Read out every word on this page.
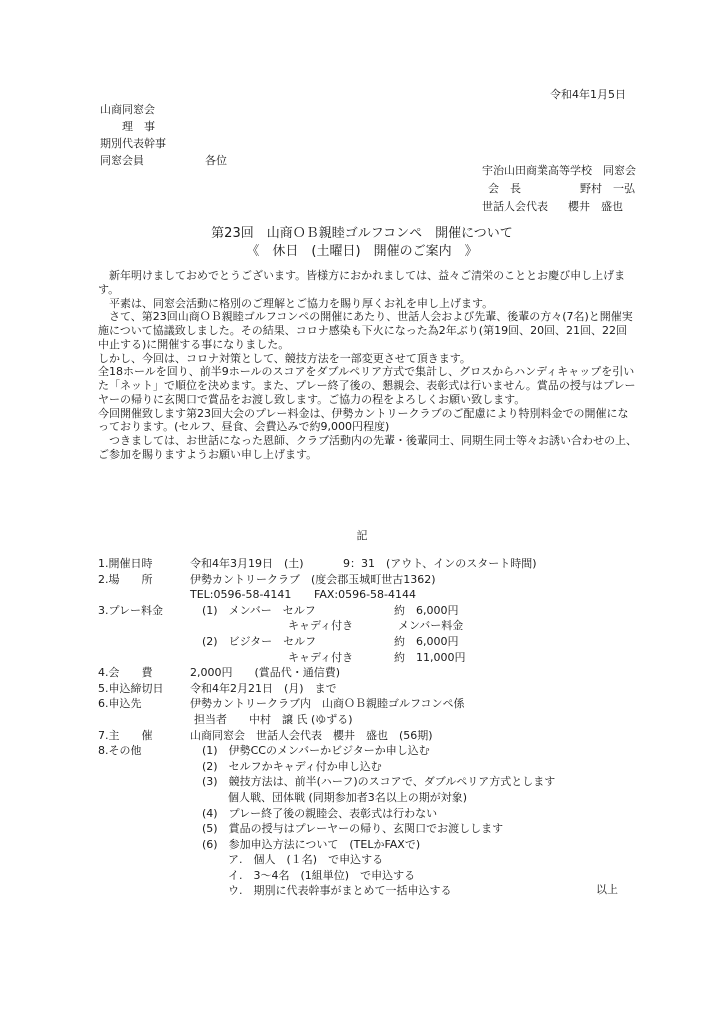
令和4年1月5日
山商同窓会
理　事
期別代表幹事
同窓会員	各位
宇治山田商業高等学校　同窓会
会　長	野村　一弘
世話人会代表	櫻井　盛也
第23回　山商ＯＢ親睦ゴルフコンペ　開催について
《　休日　(土曜日)　開催のご案内　》

　新年明けましておめでとうございます。皆様方におかれましては、益々ご清栄のこととお慶び申し上げます。

　平素は、同窓会活動に格別のご理解とご協力を賜り厚くお礼を申し上げます。

　さて、第23回山商ＯＢ親睦ゴルフコンペの開催にあたり、世話人会および先輩、後輩の方々(7名)と開催実施について協議致しました。その結果、コロナ感染も下火になった為2年ぶり(第19回、20回、21回、22回中止する)に開催する事になりました。

しかし、今回は、コロナ対策として、競技方法を一部変更させて頂きます。

全18ホールを回り、前半9ホールのスコアをダブルペリア方式で集計し、グロスからハンディキャップを引いた「ネット」で順位を決めます。また、プレー終了後の、懇親会、表彰式は行いません。賞品の授与はプレーヤーの帰りに玄関口で賞品をお渡し致します。ご協力の程をよろしくお願い致します。

今回開催致します第23回大会のプレー料金は、伊勢カントリークラブのご配慮により特別料金での開催になっております。(セルフ、昼食、会費込みで約9,000円程度)

　つきましては、お世話になった恩師、クラブ活動内の先輩・後輩同士、同期生同士等々お誘い合わせの上、ご参加を賜りますようお願い申し上げます。

記
1.開催日時	令和4年3月19日　(土)	9：31　(アウト、インのスタート時間)
2.場　　所	伊勢カントリークラブ　(度会郡玉城町世古1362)
TEL:0596-58-4141 FAX:0596-58-4144
3.プレー料金	(1)　メンバー　セルフ	約　6,000円
キャディ付き	メンバー料金
(2)　ビジター　セルフ	約　6,000円
キャディ付き	約　11,000円
4.会　　費	2,000円　　(賞品代・通信費)
5.申込締切日 令和4年2月21日　(月)　まで
6.申込先	伊勢カントリークラブ内　山商ＯＢ親睦ゴルフコンペ係
担当者　　中村　譲 氏 (ゆずる)
7.主　　催	山商同窓会　世話人会代表　櫻井　盛也　(56期)
8.その他	(1)　伊勢CCのメンバーかビジターか申し込む
(2)　セルフかキャディ付か申し込む
(3)　競技方法は、前半(ハーフ)のスコアで、ダブルペリア方式とします
個人戦、団体戦 (同期参加者3名以上の期が対象)
(4)　プレー終了後の親睦会、表彰式は行わない
(5)　賞品の授与はプレーヤーの帰り、玄関口でお渡しします
(6)　参加申込方法について　(TELかFAXで)
ア.　個人　(１名)　で申込する
イ.　3～4名　(1組単位)　で申込する
ウ.　期別に代表幹事がまとめて一括申込する	以上
